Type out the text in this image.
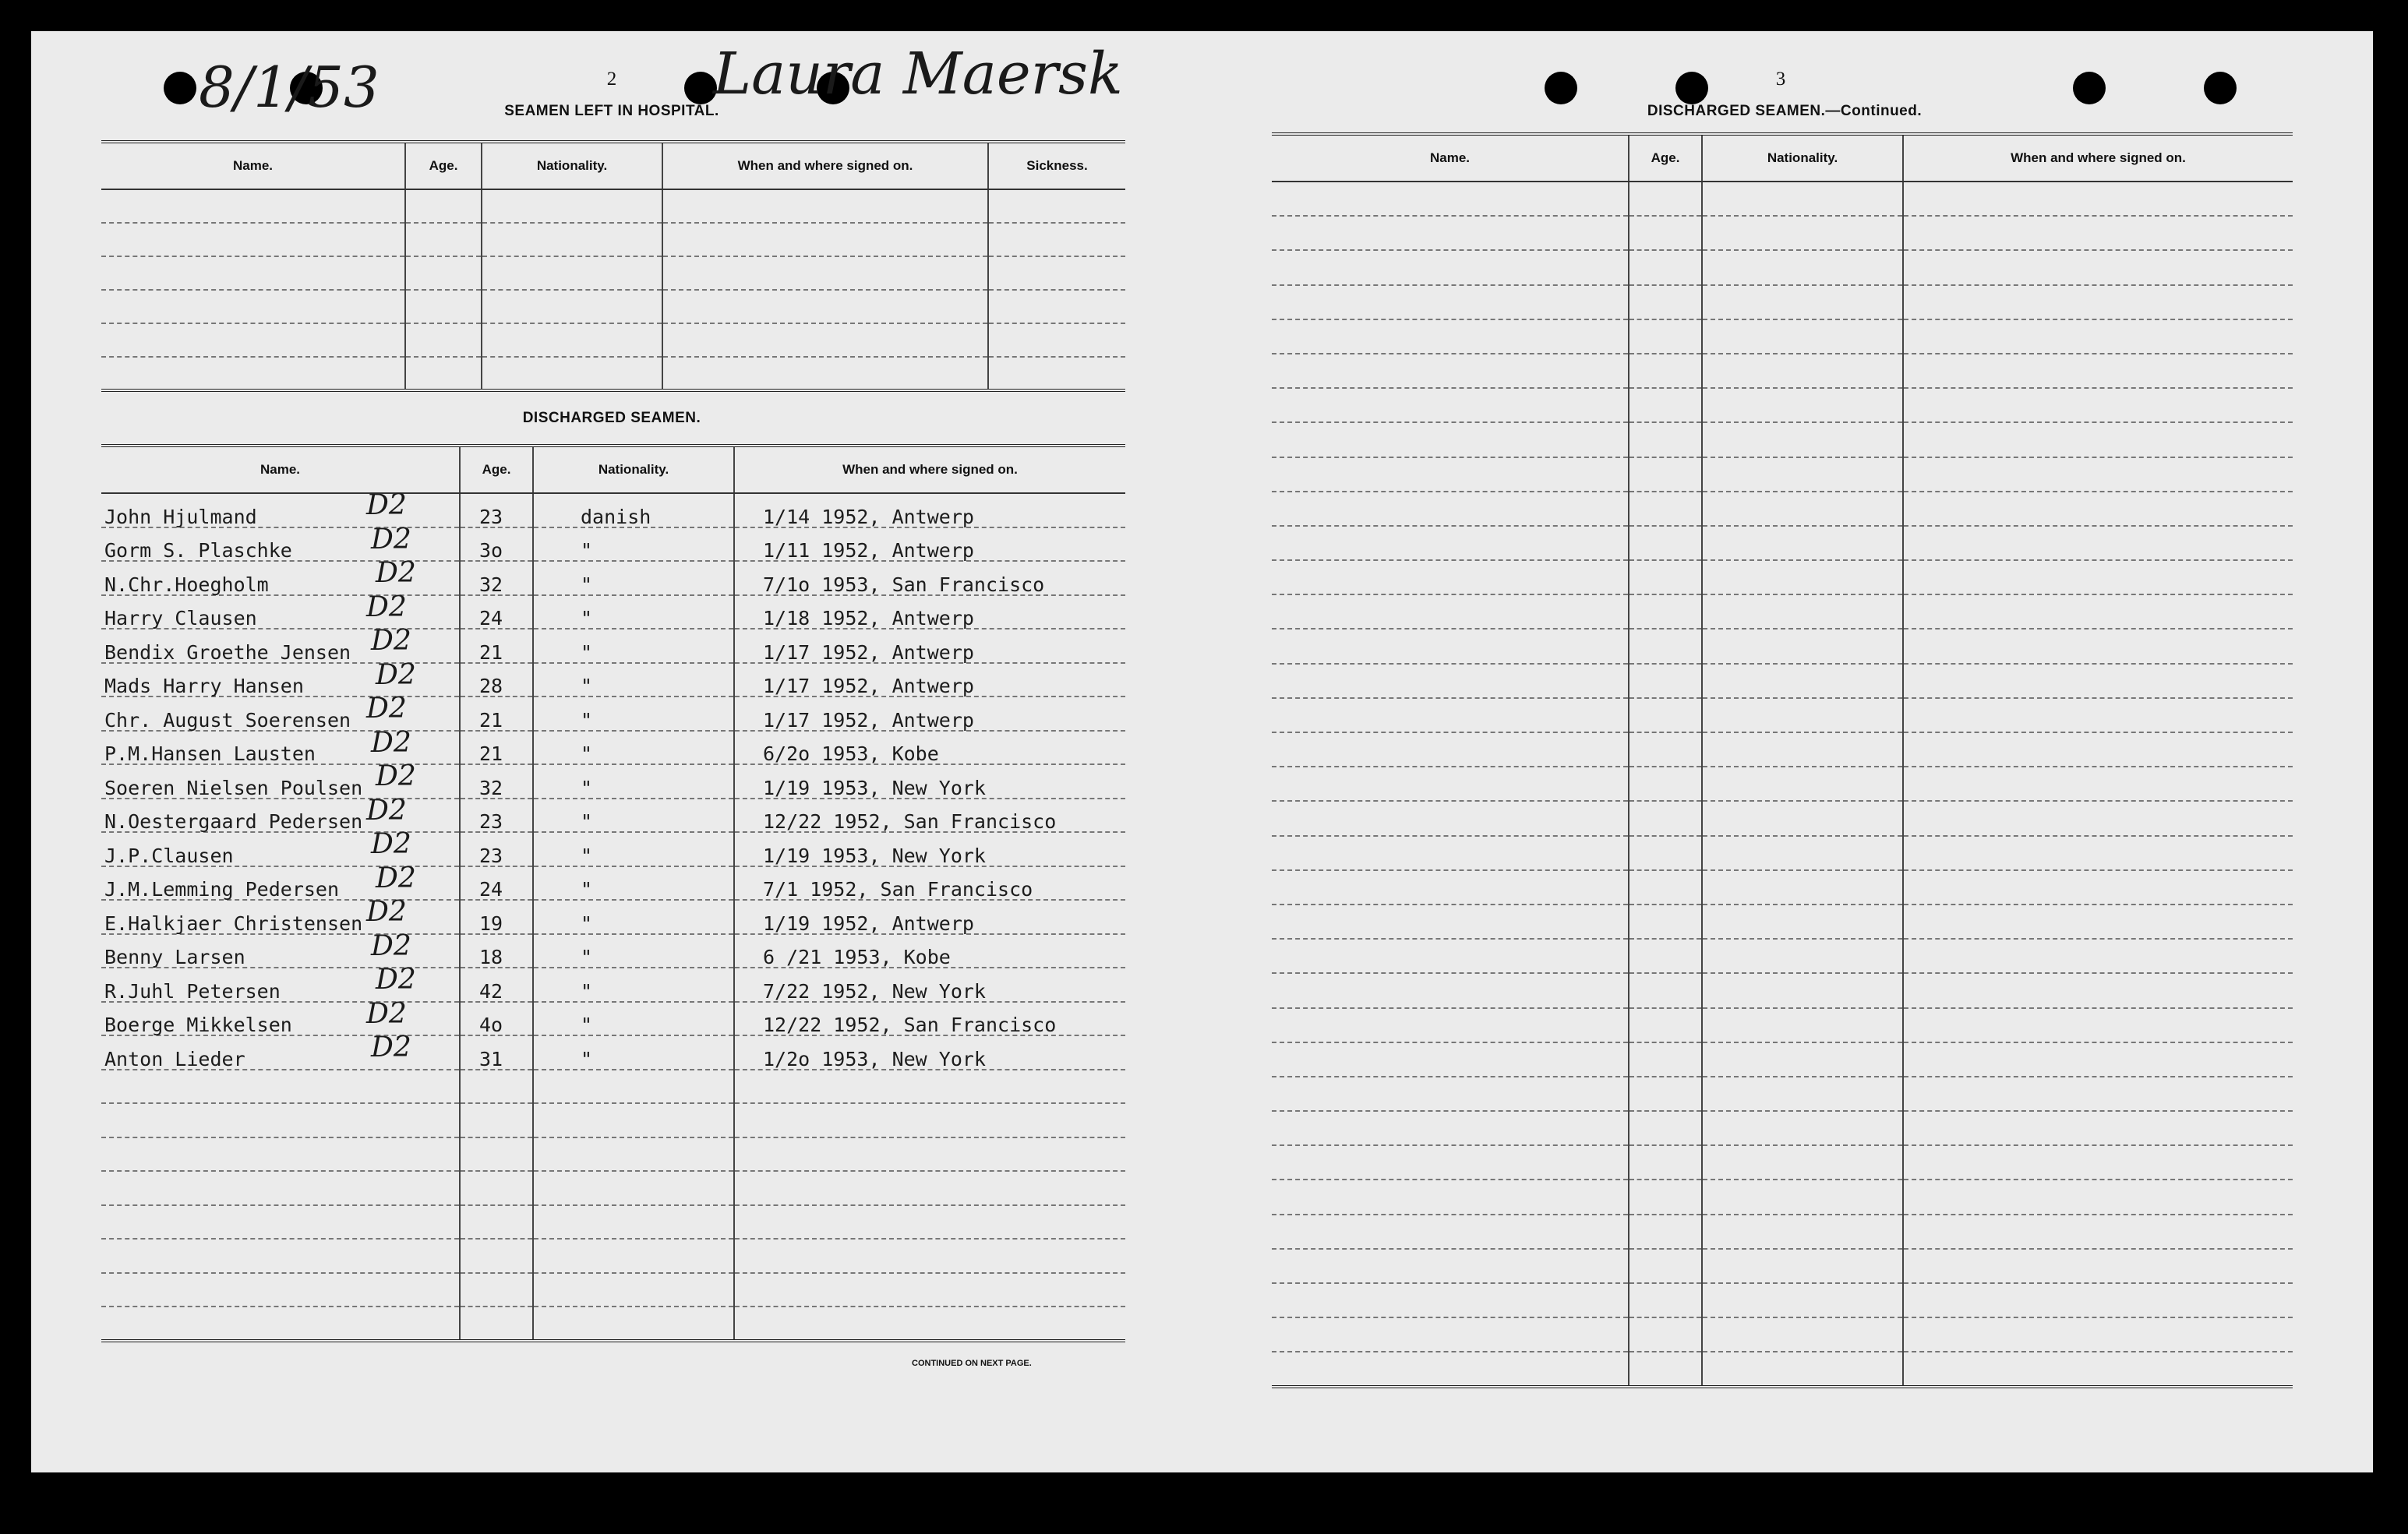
8/1/53	Laura Maersk
2
SEAMEN LEFT IN HOSPITAL.
Name.	Age.	Nationality.	When and where signed on.	Sickness.

DISCHARGED SEAMEN.
Name.	Age.	Nationality.	When and where signed on.
John Hjulmand	23	danish	1/14 1952, Antwerp
Gorm S. Plaschke	3o	"	1/11 1952, Antwerp
N.Chr.Hoegholm	32	"	7/1o 1953, San Francisco
Harry Clausen	24	"	1/18 1952, Antwerp
Bendix Groethe Jensen	21	"	1/17 1952, Antwerp
Mads Harry Hansen	28	"	1/17 1952, Antwerp
Chr. August Soerensen	21	"	1/17 1952, Antwerp
P.M.Hansen Lausten	21	"	6/2o 1953, Kobe
Soeren Nielsen Poulsen	32	"	1/19 1953, New York
N.Oestergaard Pedersen	23	"	12/22 1952, San Francisco
J.P.Clausen	23	"	1/19 1953, New York
J.M.Lemming Pedersen	24	"	7/1 1952, San Francisco
E.Halkjaer Christensen	19	"	1/19 1952, Antwerp
Benny Larsen	18	"	6 /21 1953, Kobe
R.Juhl Petersen	42	"	7/22 1952, New York
Boerge Mikkelsen	4o	"	12/22 1952, San Francisco
Anton Lieder	31	"	1/2o 1953, New York

CONTINUED ON NEXT PAGE.
3
DISCHARGED SEAMEN.—Continued.
Name.	Age.	Nationality.	When and where signed on.

D2
D2
D2
D2
D2
D2
D2
D2
D2
D2
D2
D2
D2
D2
D2
D2
D2
